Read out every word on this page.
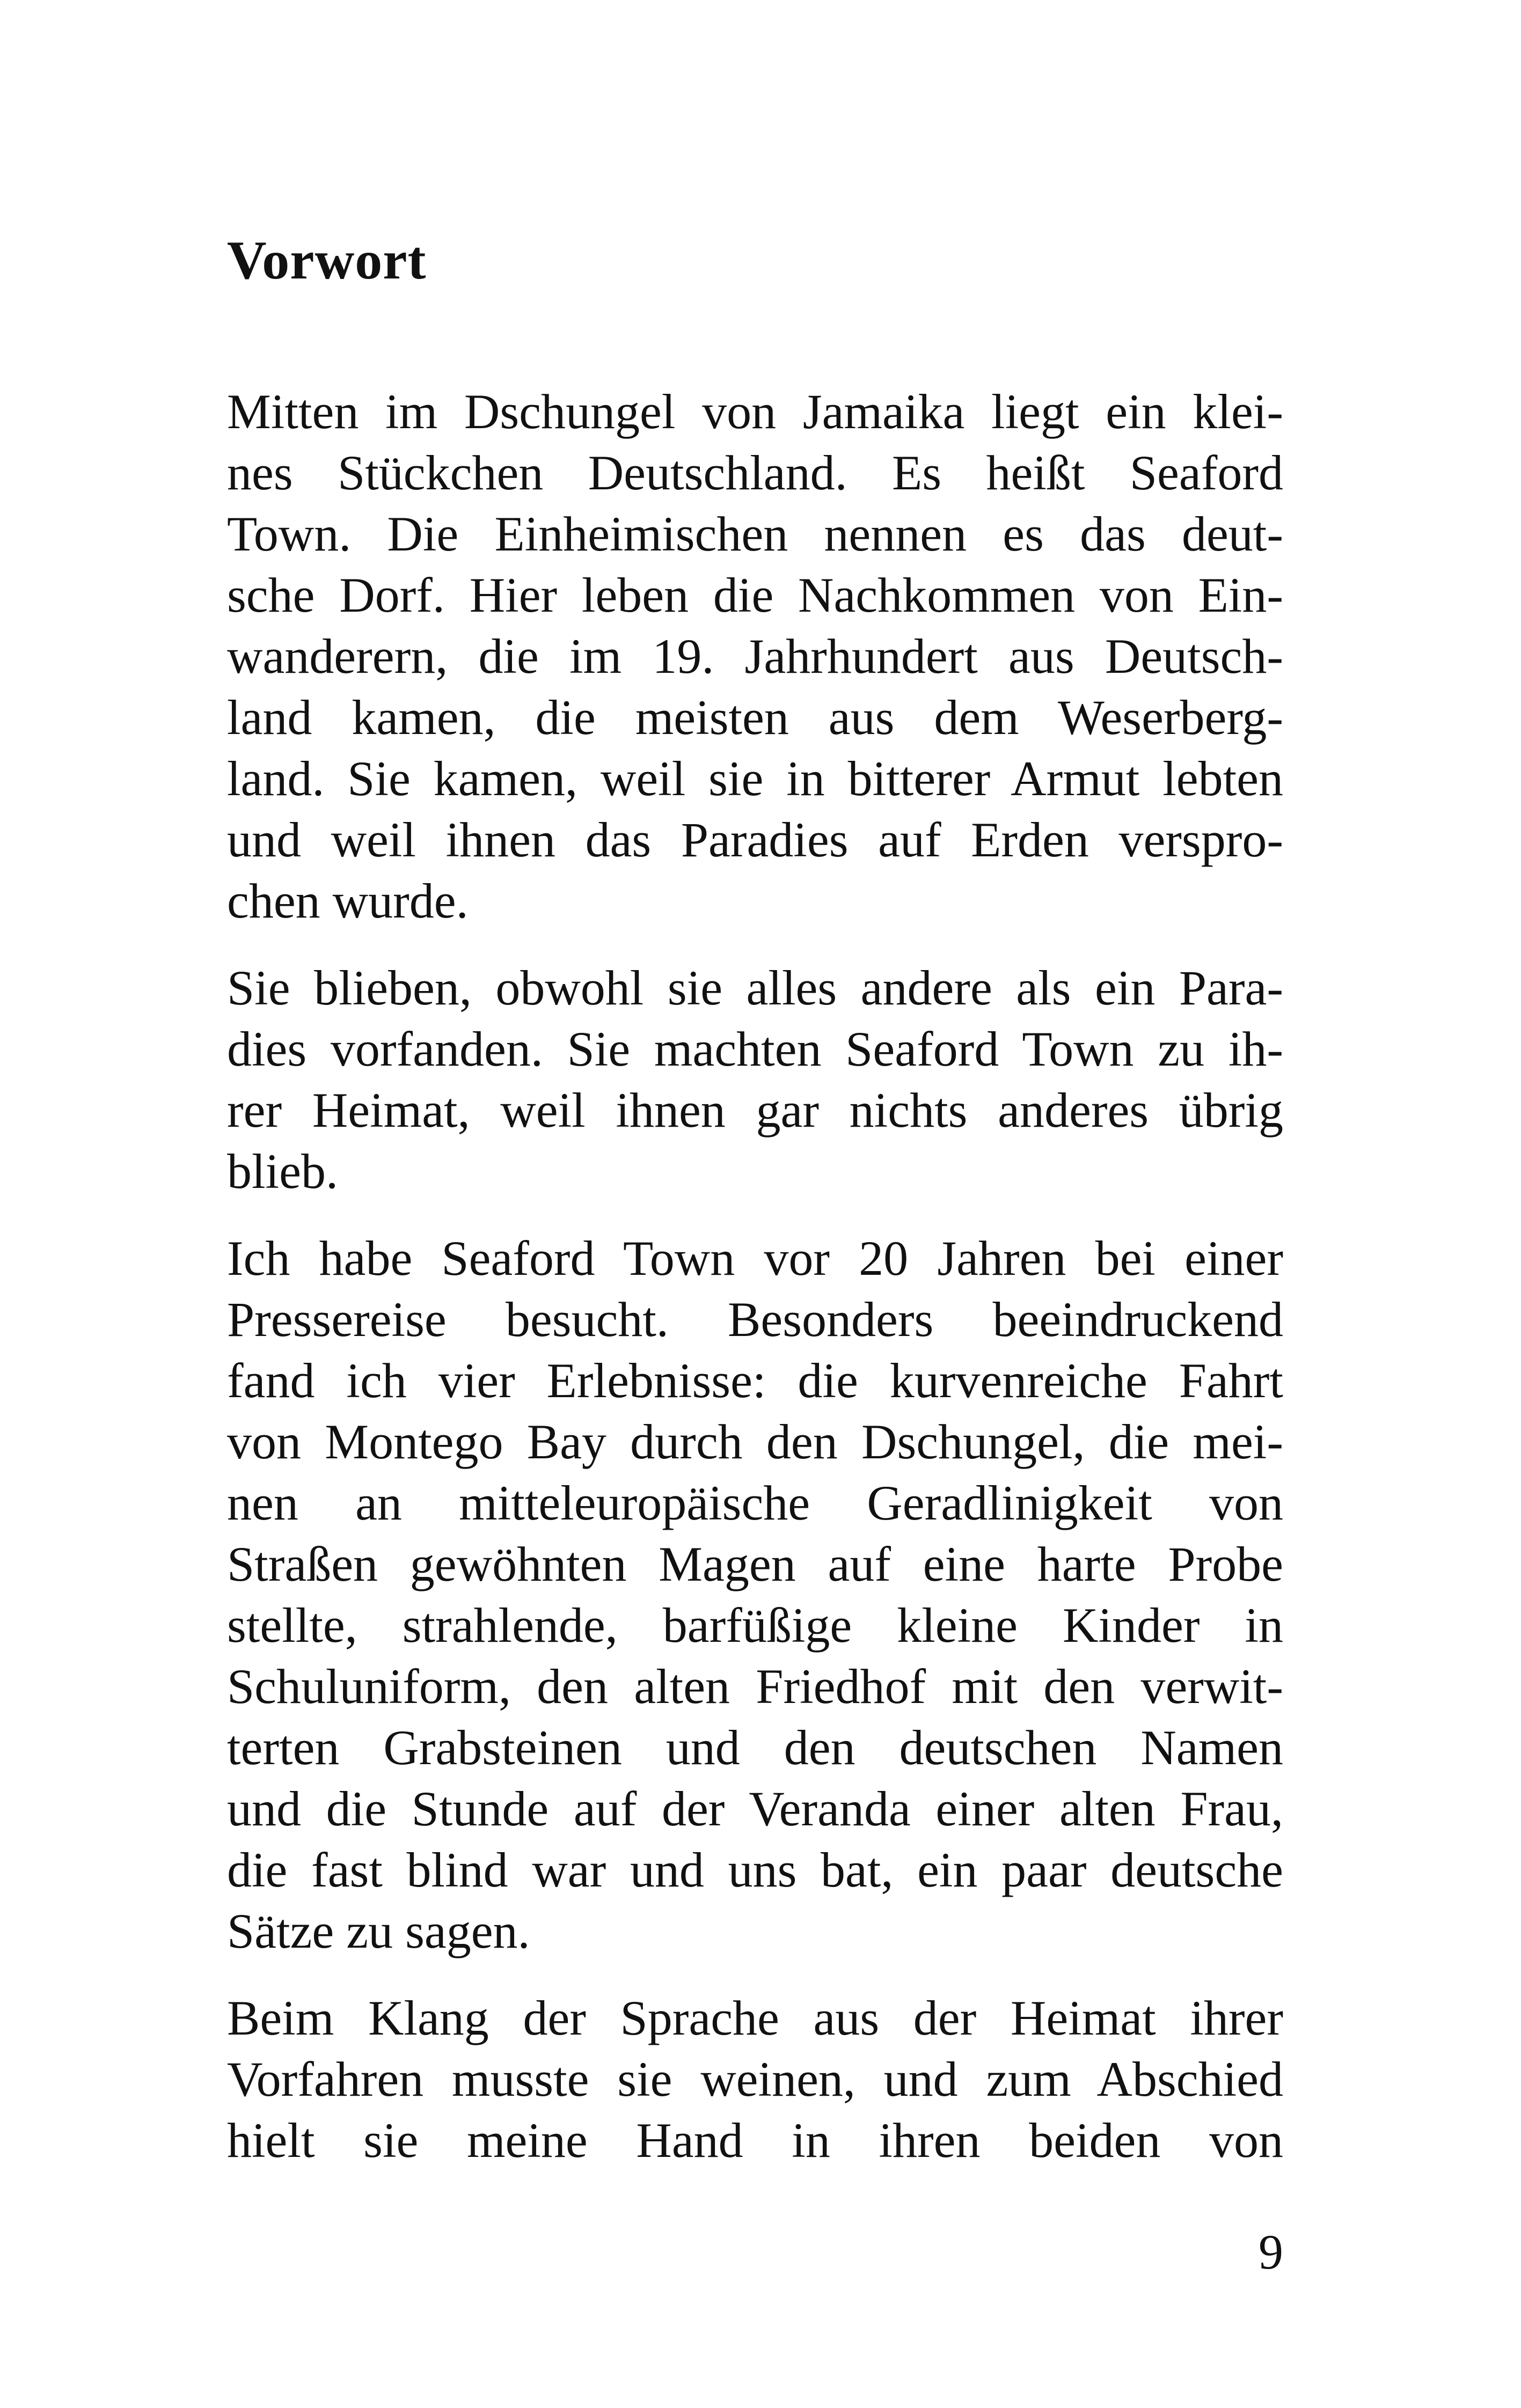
Vorwort

Mitten im Dschungel von Jamaika liegt ein klei-
nes Stückchen Deutschland. Es heißt Seaford
Town. Die Einheimischen nennen es das deut-
sche Dorf. Hier leben die Nachkommen von Ein-
wanderern, die im 19. Jahrhundert aus Deutsch-
land kamen, die meisten aus dem Weserberg-
land. Sie kamen, weil sie in bitterer Armut lebten
und weil ihnen das Paradies auf Erden verspro-
chen wurde.

Sie blieben, obwohl sie alles andere als ein Para-
dies vorfanden. Sie machten Seaford Town zu ih-
rer Heimat, weil ihnen gar nichts anderes übrig
blieb.

Ich habe Seaford Town vor 20 Jahren bei einer
Pressereise besucht. Besonders beeindruckend
fand ich vier Erlebnisse: die kurvenreiche Fahrt
von Montego Bay durch den Dschungel, die mei-
nen an mitteleuropäische Geradlinigkeit von
Straßen gewöhnten Magen auf eine harte Probe
stellte, strahlende, barfüßige kleine Kinder in
Schuluniform, den alten Friedhof mit den verwit-
terten Grabsteinen und den deutschen Namen
und die Stunde auf der Veranda einer alten Frau,
die fast blind war und uns bat, ein paar deutsche
Sätze zu sagen.

Beim Klang der Sprache aus der Heimat ihrer
Vorfahren musste sie weinen, und zum Abschied
hielt sie meine Hand in ihren beiden von

9
